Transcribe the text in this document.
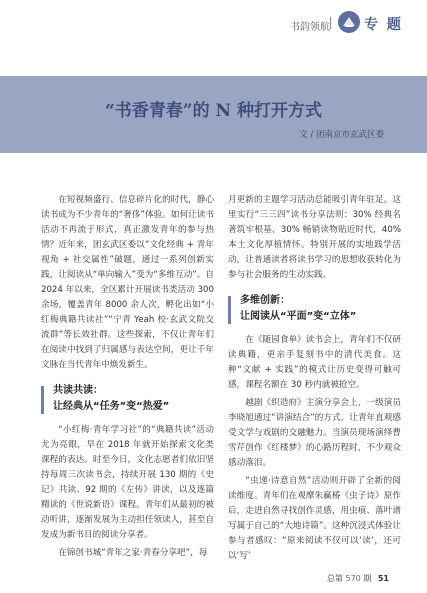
书韵领航 专 题
“书香青春”的 N 种打开方式
文 / 团南京市玄武区委

在短视频盛行、信息碎片化的时代，静心读书成为不少青年的“奢侈”体验。如何让读书活动不再流于形式，真正激发青年的参与热情？近年来，团玄武区委以“文化经典 + 青年视角 + 社交属性”破题，通过一系列创新实践，让阅读从“单向输入”变为“多维互动”。自 2024 年以来，全区累计开展读书类活动 300 余场，覆盖青年 8000 余人次，孵化出如“小红梅典籍共读社”“宁青 Yeah 校·玄武文院交流群”等长效社群。这些探索，不仅让青年们在阅读中找到了归属感与表达空间，更让千年文脉在当代青年中焕发新生。

共读共读：
让经典从“任务”变“热爱”

“小红梅·青年学习社”的“典籍共读”活动尤为亮眼，早在 2018 年就开始探索文化类课程的表达。时至今日，文化志愿者们依旧坚持每周三次读书会，持续开展 130 期的《史记》共读、92 期的《左传》讲读，以及逐篇精读的《世说新语》课程。青年们从最初的被动听讲，逐渐发展为主动担任领读人，甚至自发成为新书目的阅读分享者。

在锦创书城“青年之家·青春分享吧”，每

月更新的主题学习活动总能吸引青年驻足。这里实行“三三四”读书分享法则：30% 经典名著筑牢根基，30% 畅销读物贴近时代，40% 本土文化厚植情怀。特别开展的实地践学活动，让普通读者将读书学习的思想收获转化为参与社会服务的生动实践。

多维创新：
让阅读从“平面”变“立体”

在《随园食单》读书会上，青年们不仅研读典籍，更亲手复刻书中的清代美食。这种“文献 + 实践”的模式让历史变得可触可感，课程名额在 30 秒内就被抢空。

越剧《织造府》主演分享会上，一级演员李晓旭通过“讲演结合”的方式，让青年直观感受文学与戏剧的交融魅力。当演员现场演绎曹雪芹创作《红楼梦》的心路历程时，不少观众感动落泪。

“虫递·诗意自然”活动则开辟了全新的阅读维度。青年们在观摩朱赢椿《虫子诗》原作后，走进自然寻找创作灵感，用虫痕、落叶谱写属于自己的“大地诗篇”。这种沉浸式体验让参与者感叹：“原来阅读不仅可以‘读’，还可以‘写’

总第 570 期 51
